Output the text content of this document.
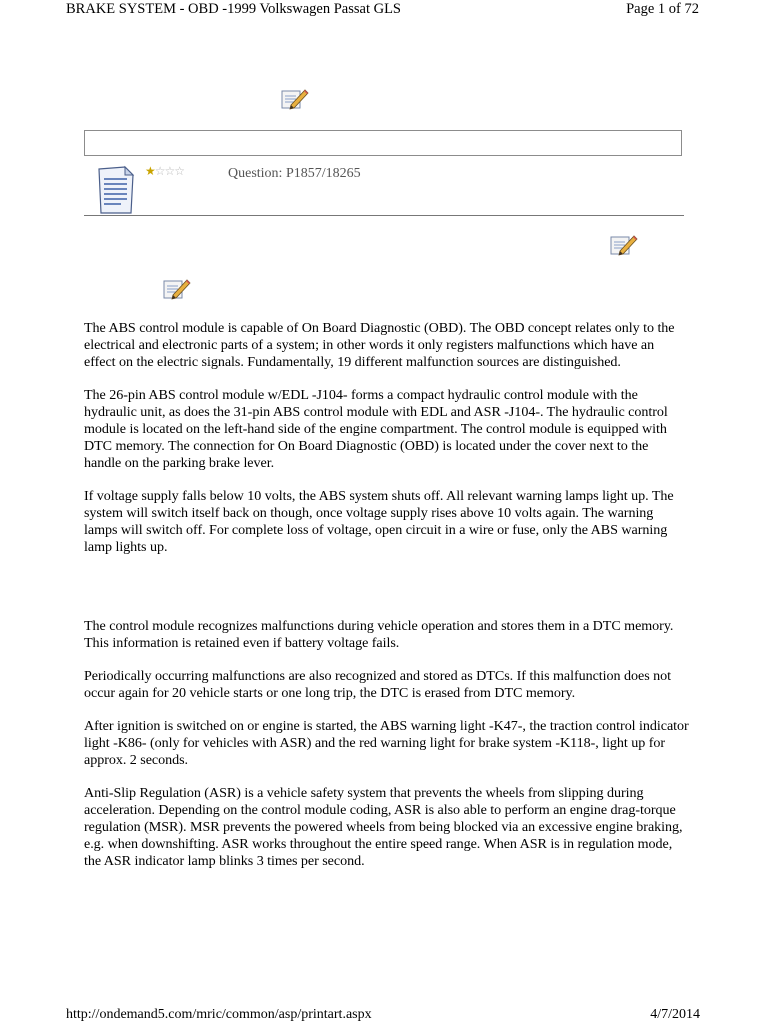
BRAKE SYSTEM - OBD -1999 Volkswagen Passat GLS	Page 1 of 72
★☆☆☆	Question: P1857/18265

The ABS control module is capable of On Board Diagnostic (OBD). The OBD concept relates only to the electrical and electronic parts of a system; in other words it only registers malfunctions which have an effect on the electric signals. Fundamentally, 19 different malfunction sources are distinguished.

The 26-pin ABS control module w/EDL -J104- forms a compact hydraulic control module with the hydraulic unit, as does the 31-pin ABS control module with EDL and ASR -J104-. The hydraulic control module is located on the left-hand side of the engine compartment. The control module is equipped with DTC memory. The connection for On Board Diagnostic (OBD) is located under the cover next to the handle on the parking brake lever.

If voltage supply falls below 10 volts, the ABS system shuts off. All relevant warning lamps light up. The system will switch itself back on though, once voltage supply rises above 10 volts again. The warning lamps will switch off. For complete loss of voltage, open circuit in a wire or fuse, only the ABS warning lamp lights up.

The control module recognizes malfunctions during vehicle operation and stores them in a DTC memory. This information is retained even if battery voltage fails.

Periodically occurring malfunctions are also recognized and stored as DTCs. If this malfunction does not occur again for 20 vehicle starts or one long trip, the DTC is erased from DTC memory.

After ignition is switched on or engine is started, the ABS warning light -K47-, the traction control indicator light -K86- (only for vehicles with ASR) and the red warning light for brake system -K118-, light up for approx. 2 seconds.

Anti-Slip Regulation (ASR) is a vehicle safety system that prevents the wheels from slipping during acceleration. Depending on the control module coding, ASR is also able to perform an engine drag-torque regulation (MSR). MSR prevents the powered wheels from being blocked via an excessive engine braking, e.g. when downshifting. ASR works throughout the entire speed range. When ASR is in regulation mode, the ASR indicator lamp blinks 3 times per second.

http://ondemand5.com/mric/common/asp/printart.aspx	4/7/2014
